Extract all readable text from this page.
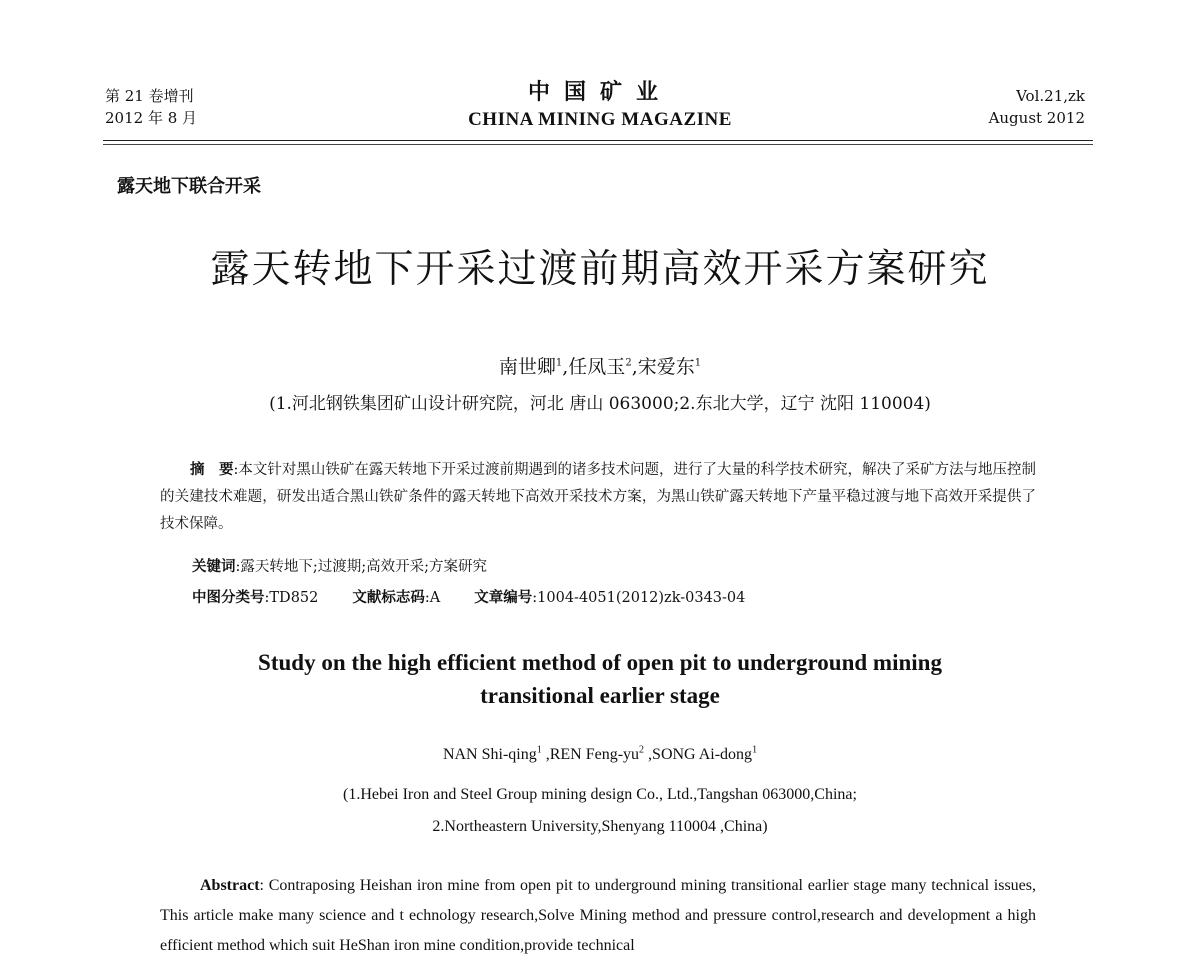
第 21 卷增刊
2012 年 8 月
中国矿业
CHINA MINING MAGAZINE
Vol.21,zk
August 2012
露天地下联合开采
露天转地下开采过渡前期高效开采方案研究
南世卿$^1$,任凤玉$^2$,宋爱东$^1$
(1.河北钢铁集团矿山设计研究院，河北 唐山 063000;2.东北大学，辽宁 沈阳 110004)
摘　要:本文针对黑山铁矿在露天转地下开采过渡前期遇到的诸多技术问题，进行了大量的科学技术研究，解决了采矿方法与地压控制的关建技术难题，研发出适合黑山铁矿条件的露天转地下高效开采技术方案，为黑山铁矿露天转地下产量平稳过渡与地下高效开采提供了技术保障。
关键词:露天转地下;过渡期;高效开采;方案研究
中图分类号:TD852 文献标志码:A 文章编号:1004-4051(2012)zk-0343-04
Study on the high efficient method of open pit to underground mining
transitional earlier stage
NAN Shi-qing$^1$ ,REN Feng-$yu^2$ ,SONG Ai-dong$^1$
(1.Hebei Iron and Steel Group mining design Co., Ltd.,Tangshan 063000,China;
2.Northeastern University,Shenyang 110004 ,China)
Abstract: Contraposing Heishan iron mine from open pit to underground mining transitional earlier stage many technical issues, This article make many science and t echnology research,Solve Mining method and pressure control,research and development a high efficient method which suit HeShan iron mine condition,provide technical
